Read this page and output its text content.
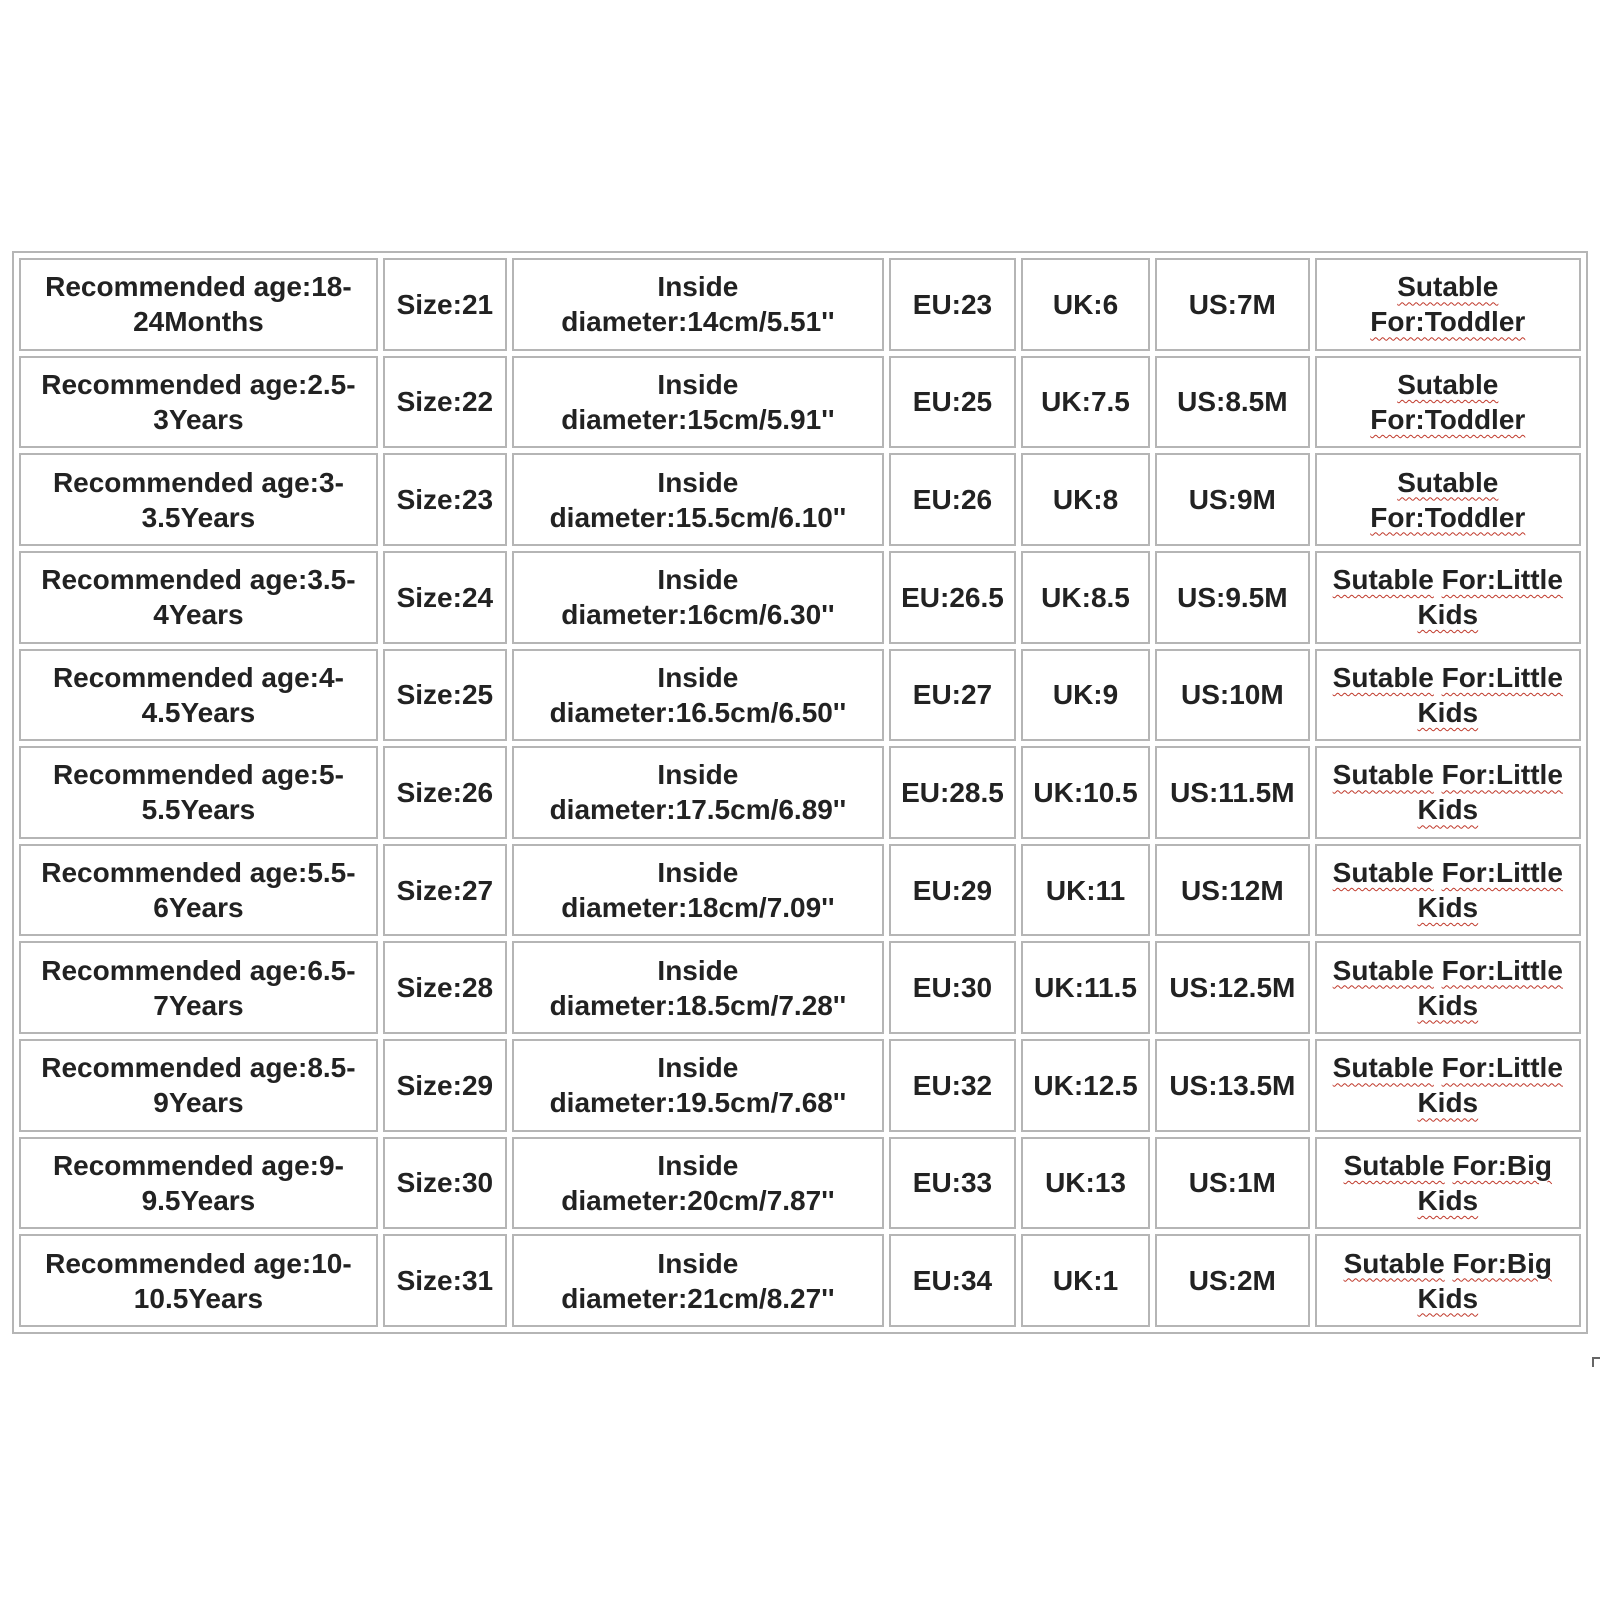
Recommended age:18-24Months	Size:21	Inside diameter:14cm/5.51''	EU:23	UK:6	US:7M	Sutable For:Toddler
Recommended age:2.5-3Years	Size:22	Inside diameter:15cm/5.91''	EU:25	UK:7.5	US:8.5M	Sutable For:Toddler
Recommended age:3-3.5Years	Size:23	Inside diameter:15.5cm/6.10''	EU:26	UK:8	US:9M	Sutable For:Toddler
Recommended age:3.5-4Years	Size:24	Inside diameter:16cm/6.30''	EU:26.5	UK:8.5	US:9.5M	Sutable For:Little Kids
Recommended age:4-4.5Years	Size:25	Inside diameter:16.5cm/6.50''	EU:27	UK:9	US:10M	Sutable For:Little Kids
Recommended age:5-5.5Years	Size:26	Inside diameter:17.5cm/6.89''	EU:28.5	UK:10.5	US:11.5M	Sutable For:Little Kids
Recommended age:5.5-6Years	Size:27	Inside diameter:18cm/7.09''	EU:29	UK:11	US:12M	Sutable For:Little Kids
Recommended age:6.5-7Years	Size:28	Inside diameter:18.5cm/7.28''	EU:30	UK:11.5	US:12.5M	Sutable For:Little Kids
Recommended age:8.5-9Years	Size:29	Inside diameter:19.5cm/7.68''	EU:32	UK:12.5	US:13.5M	Sutable For:Little Kids
Recommended age:9-9.5Years	Size:30	Inside diameter:20cm/7.87''	EU:33	UK:13	US:1M	Sutable For:Big Kids
Recommended age:10-10.5Years	Size:31	Inside diameter:21cm/8.27''	EU:34	UK:1	US:2M	Sutable For:Big Kids
